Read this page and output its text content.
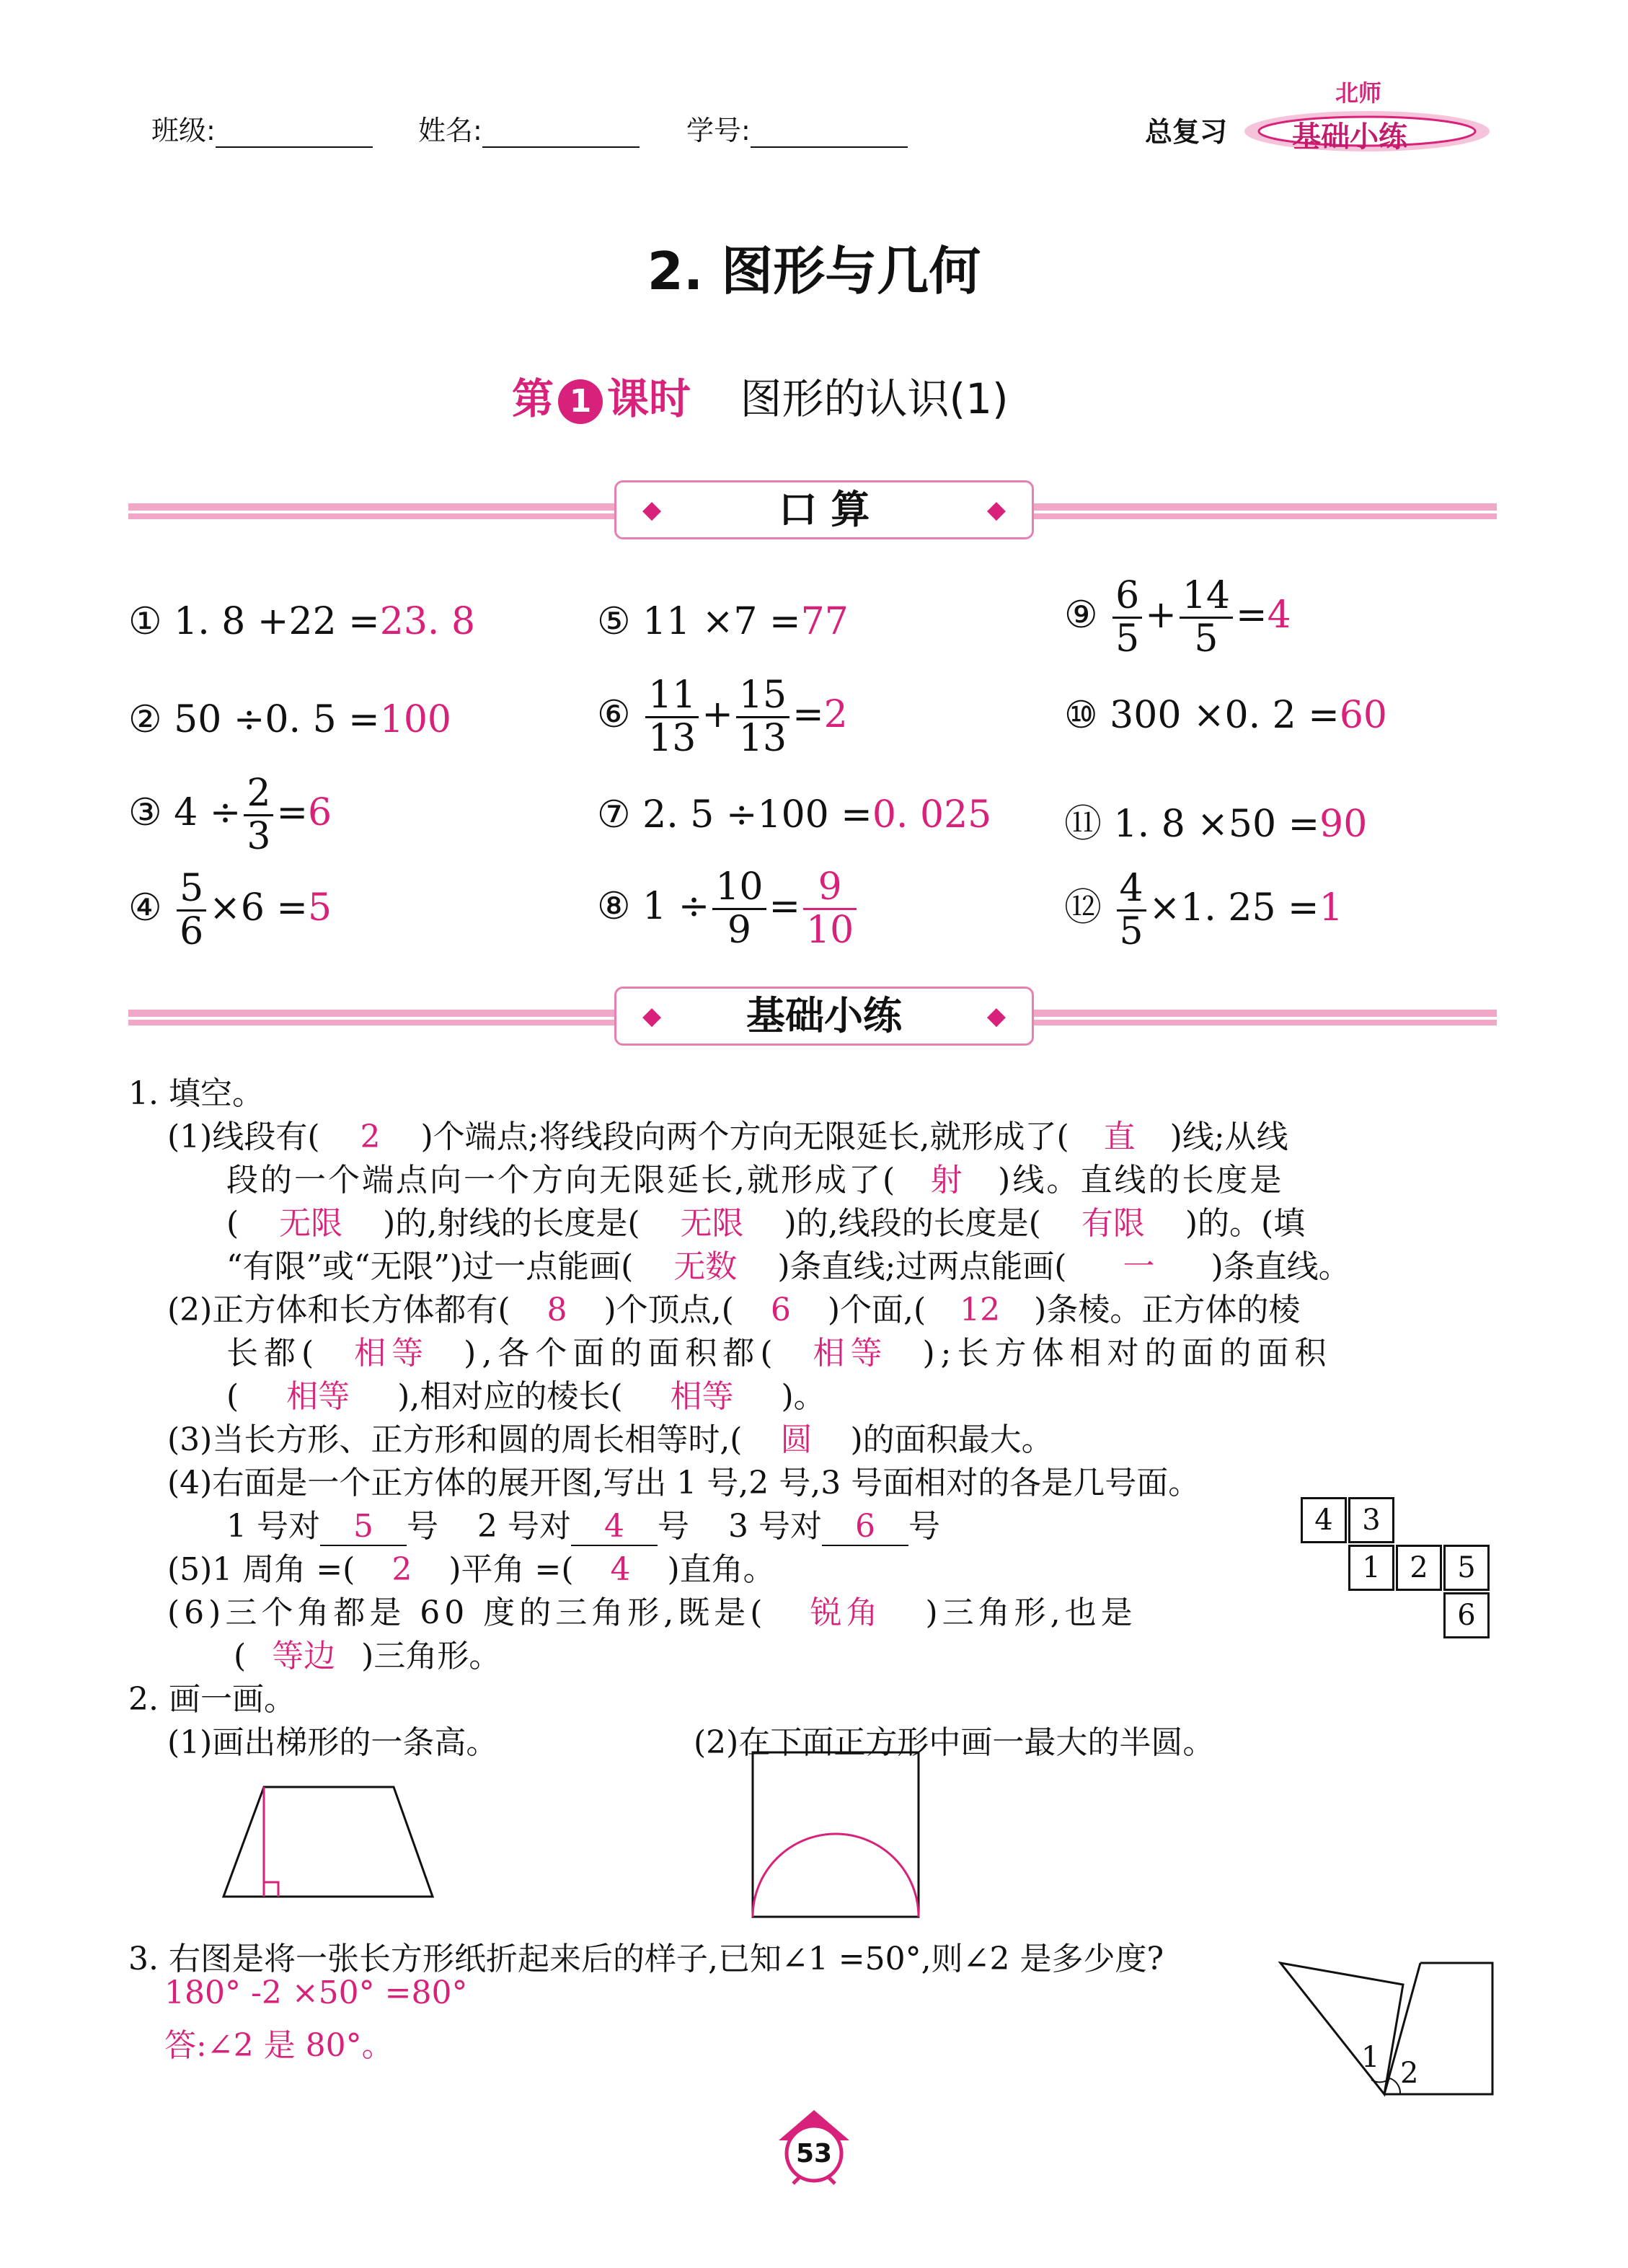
班级:	姓名:	学号:	总复习
北师
基础小练
2. 图形与几何
第 1 课时 图形的认识(1)
◆	口 算	◆
① 1. 8 +22 =23. 8
② 50 ÷0. 5 =100
③ $4 \div \frac{2}{3} =6$
④ $\frac{5}{6} \times 6 =5$
⑤ 11 ×7 =77
⑥ $\frac{11}{13} + \frac{15}{13} =2$
⑦ 2. 5 ÷100 =0. 025
⑧ $1 \div \frac{10}{9} = \frac{9}{10}$
⑨ $\frac{6}{5} + \frac{14}{5} =4$
⑩ 300 ×0. 2 =60
⑪ 1. 8 ×50 =90
⑫ $\frac{4}{5} \times 1$. 25 =1
◆ 基础小练	◆
1. 填空。
(1)线段有( 2 )个端点;将线段向两个方向无限延长,就形成了( 直 )线;从线
段的一个端点向一个方向无限延长,就形成了( 射 )线。直线的长度是
( 无限 )的,射线的长度是( 无限 )的,线段的长度是( 有限 )的。(填
“有限”或“无限”)过一点能画( 无数 )条直线;过两点能画( 一 )条直线。
(2)正方体和长方体都有( 8 )个顶点,( 6 )个面,( 12 )条棱。正方体的棱
长都( 相等 ),各个面的面积都( 相等 );长方体相对的面的面积
( 相等 ),相对应的棱长( 相等 )。
(3)当长方形、正方形和圆的周长相等时,( 圆 )的面积最大。
(4)右面是一个正方体的展开图,写出 1 号,2 号,3 号面相对的各是几号面。
1 号对 5 号 2 号对 4 号 3 号对 6 号
(5)1 周角 =( 2 )平角 =( 4 )直角。
(6)三个角都是 60 度的三角形,既是( 锐角 )三角形,也是
( 等边 )三角形。
4	3
1	2	5
6
2. 画一画。
(1)画出梯形的一条高。	(2)在下面正方形中画一最大的半圆。
3. 右图是将一张长方形纸折起来后的样子,已知∠1 =50°,则∠2 是多少度?
180° -2 ×50° =80°
答:∠2 是 80°。	1 2
53
